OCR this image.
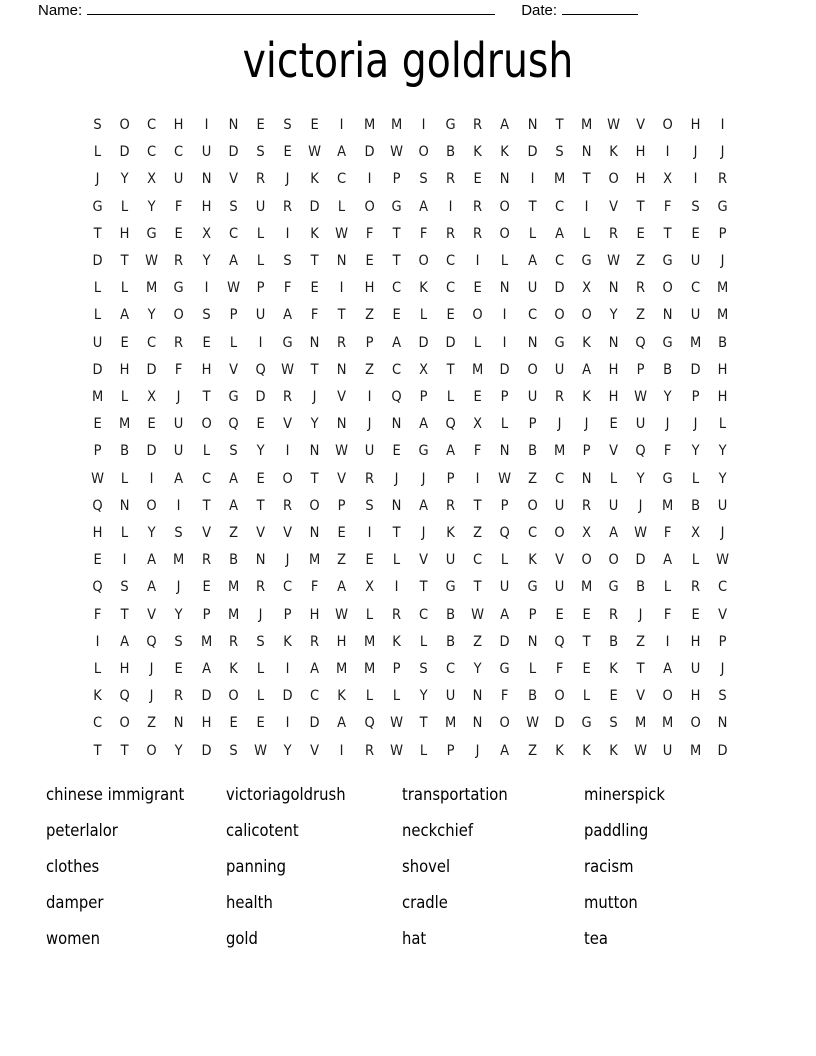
Name:	Date:
victoria goldrush
S	O	C	H	I	N	E	S	E	I	M	M	I	G	R	A	N	T	M	W	V	O	H	I
L	D	C	C	U	D	S	E	W	A	D	W	O	B	K	K	D	S	N	K	H	I	J	J
J	Y	X	U	N	V	R	J	K	C	I	P	S	R	E	N	I	M	T	O	H	X	I	R
G	L	Y	F	H	S	U	R	D	L	O	G	A	I	R	O	T	C	I	V	T	F	S	G
T	H	G	E	X	C	L	I	K	W	F	T	F	R	R	O	L	A	L	R	E	T	E	P
D	T	W	R	Y	A	L	S	T	N	E	T	O	C	I	L	A	C	G	W	Z	G	U	J
L	L	M	G	I	W	P	F	E	I	H	C	K	C	E	N	U	D	X	N	R	O	C	M
L	A	Y	O	S	P	U	A	F	T	Z	E	L	E	O	I	C	O	O	Y	Z	N	U	M
U	E	C	R	E	L	I	G	N	R	P	A	D	D	L	I	N	G	K	N	Q	G	M	B
D	H	D	F	H	V	Q	W	T	N	Z	C	X	T	M	D	O	U	A	H	P	B	D	H
M	L	X	J	T	G	D	R	J	V	I	Q	P	L	E	P	U	R	K	H	W	Y	P	H
E	M	E	U	O	Q	E	V	Y	N	J	N	A	Q	X	L	P	J	J	E	U	J	J	L
P	B	D	U	L	S	Y	I	N	W	U	E	G	A	F	N	B	M	P	V	Q	F	Y	Y
W	L	I	A	C	A	E	O	T	V	R	J	J	P	I	W	Z	C	N	L	Y	G	L	Y
Q	N	O	I	T	A	T	R	O	P	S	N	A	R	T	P	O	U	R	U	J	M	B	U
H	L	Y	S	V	Z	V	V	N	E	I	T	J	K	Z	Q	C	O	X	A	W	F	X	J
E	I	A	M	R	B	N	J	M	Z	E	L	V	U	C	L	K	V	O	O	D	A	L	W
Q	S	A	J	E	M	R	C	F	A	X	I	T	G	T	U	G	U	M	G	B	L	R	C
F	T	V	Y	P	M	J	P	H	W	L	R	C	B	W	A	P	E	E	R	J	F	E	V
I	A	Q	S	M	R	S	K	R	H	M	K	L	B	Z	D	N	Q	T	B	Z	I	H	P
L	H	J	E	A	K	L	I	A	M	M	P	S	C	Y	G	L	F	E	K	T	A	U	J
K	Q	J	R	D	O	L	D	C	K	L	L	Y	U	N	F	B	O	L	E	V	O	H	S
C	O	Z	N	H	E	E	I	D	A	Q	W	T	M	N	O	W	D	G	S	M	M	O	N
T	T	O	Y	D	S	W	Y	V	I	R	W	L	P	J	A	Z	K	K	K	W	U	M	D
chinese immigrant	victoriagoldrush	transportation	minerspick
peterlalor	calicotent	neckchief	paddling
clothes	panning	shovel	racism
damper	health	cradle	mutton
women	gold	hat	tea
